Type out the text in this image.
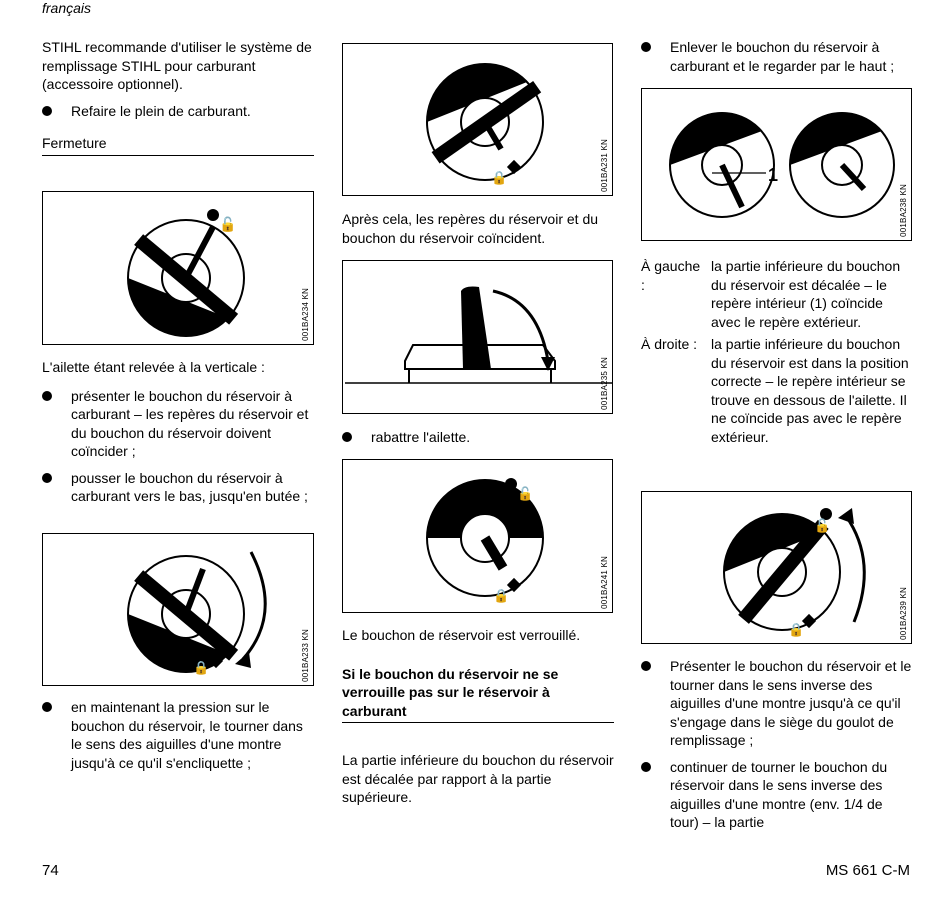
français

STIHL recommande d'utiliser le système de remplissage STIHL pour carburant (accessoire optionnel).

Refaire le plein de carburant.

Fermeture
🔓
001BA234 KN

L'ailette étant relevée à la verticale :

présenter le bouchon du réservoir à carburant – les repères du réservoir et du bouchon du réservoir doivent coïncider ;

pousser le bouchon du réservoir à carburant vers le bas, jusqu'en butée ;

🔒	001BA233 KN

en maintenant la pression sur le bouchon du réservoir, le tourner dans le sens des aiguilles d'une montre jusqu'à ce qu'il s'encliquette ;

🔒	001BA231 KN

Après cela, les repères du réservoir et du bouchon du réservoir coïncident.

001BA235 KN

rabattre l'ailette.

🔓
🔒	001BA241 KN

Le bouchon de réservoir est verrouillé.

Si le bouchon du réservoir ne se verrouille pas sur le réservoir à carburant

La partie inférieure du bouchon du réservoir est décalée par rapport à la partie supérieure.

Enlever le bouchon du réservoir à carburant et le regarder par le haut ;

1
001BA238 KN
À gauche :
la partie inférieure du bouchon du réservoir est décalée – le repère intérieur (1) coïncide avec le repère extérieur.
À droite : la partie inférieure du bouchon du réservoir est dans la position correcte – le repère intérieur se trouve en dessous de l'ailette. Il ne coïncide pas avec le repère extérieur.
🔓
🔒	001BA239 KN

Présenter le bouchon du réservoir et le tourner dans le sens inverse des aiguilles d'une montre jusqu'à ce qu'il s'engage dans le siège du goulot de remplissage ;

continuer de tourner le bouchon du réservoir dans le sens inverse des aiguilles d'une montre (env. 1/4 de tour) – la partie

74	MS 661 C-M
